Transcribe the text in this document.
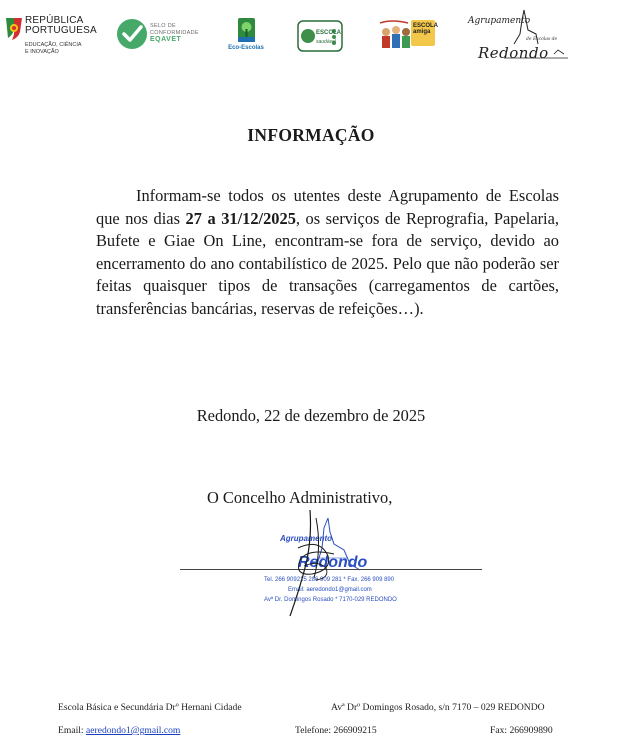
REPÚBLICA
PORTUGUESA
EDUCAÇÃO, CIÊNCIA
E INOVAÇÃO
SELO DE
CONFORMIDADE
EQAVET
Eco-Escolas
ESCOLA
saudável
ESCOLA
amiga
Agrupamento
de Escolas de
Redondo
INFORMAÇÃO

Informam-se todos os utentes deste Agrupamento de Escolas que nos dias 27 a 31/12/2025, os serviços de Reprografia, Papelaria, Bufete e Giae On Line, encontram-se fora de serviço, devido ao encerramento do ano contabilístico de 2025. Pelo que não poderão ser feitas quaisquer tipos de transações (carregamentos de cartões, transferências bancárias, reservas de refeições…).

Redondo, 22 de dezembro de 2025
O Concelho Administrativo,
Agrupamento
Redondo
Tel. 266 909215 286 909 281 * Fax. 266 909 890
Email: aeredondo1@gmail.com
Avª Dr. Domingos Rosado * 7170-029 REDONDO
Escola Básica e Secundária Drº Hernani Cidade	Avª Drº Domingos Rosado, s/n 7170 – 029 REDONDO
Email: aeredondo1@gmail.com	Telefone: 266909215	Fax: 266909890
